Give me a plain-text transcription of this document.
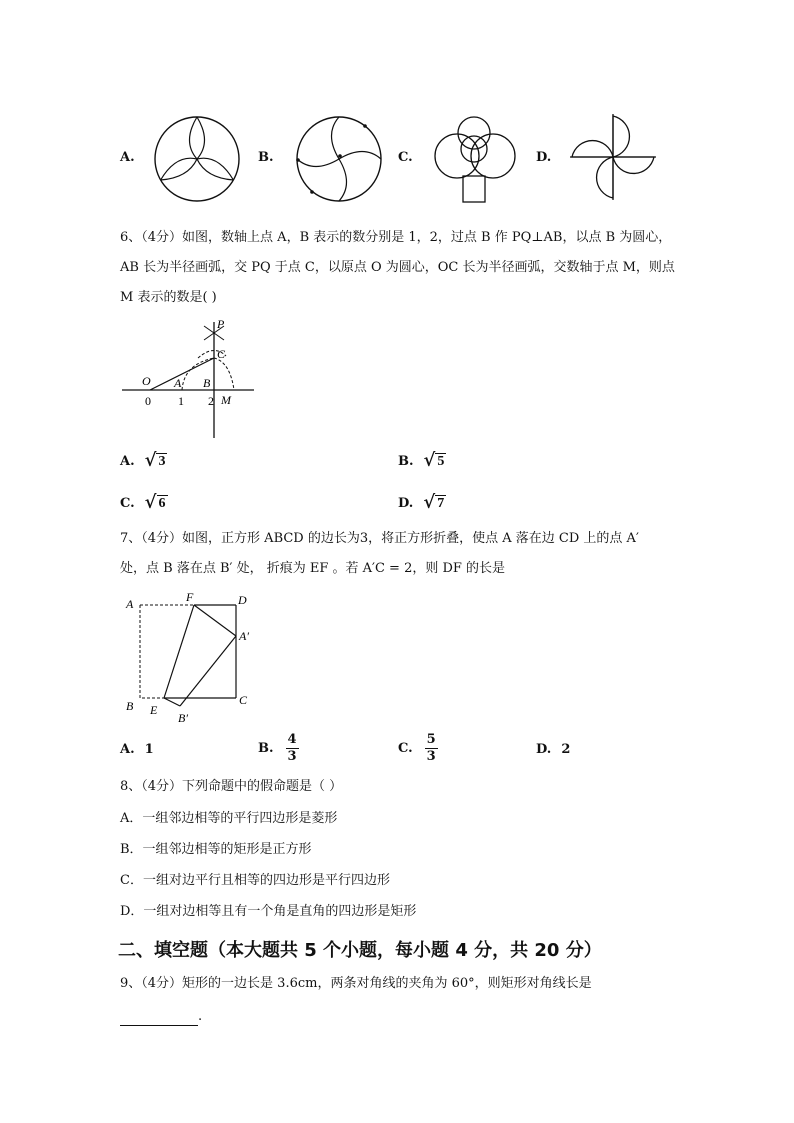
A.	B.	C.	D.
6、（4分）如图，数轴上点 A，B 表示的数分别是 1，2，过点 B 作 PQ⊥AB，以点 B 为圆心，
AB 长为半径画弧，交 PQ 于点 C，以原点 O 为圆心，OC 长为半径画弧，交数轴于点 M，则点
M 表示的数是( )
P
C
O A B
M
0 1 2
A. √ 3	B. √ 5
C. √ 6	D. √ 7
7、（4分）如图，正方形 ABCD 的边长为3，将正方形折叠，使点 A 落在边 CD 上的点 A′
处，点 B 落在点 B′ 处， 折痕为 EF 。若 A′C = 2，则 DF 的长是
A	F	D
A′
B E
B′
C
A. 1	B. $\frac{4}{3}$	C. $\frac{5}{3}$	D. 2
8、（4分）下列命题中的假命题是（ ）
A．一组邻边相等的平行四边形是菱形
B．一组邻边相等的矩形是正方形
C．一组对边平行且相等的四边形是平行四边形
D．一组对边相等且有一个角是直角的四边形是矩形
二、填空题（本大题共 5 个小题，每小题 4 分，共 20 分）
9、（4分）矩形的一边长是 3.6cm，两条对角线的夹角为 60°，则矩形对角线长是
.
